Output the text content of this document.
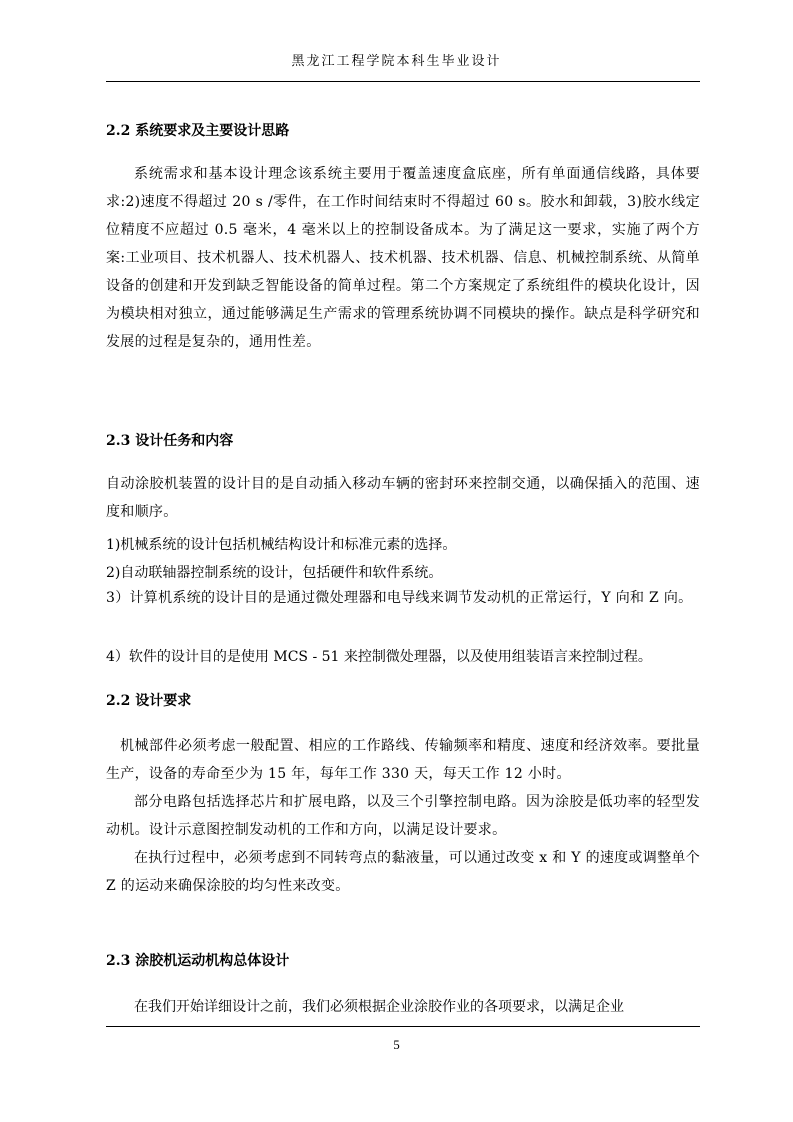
黑龙江工程学院本科生毕业设计
2.2 系统要求及主要设计思路
系统需求和基本设计理念该系统主要用于覆盖速度盒底座，所有单面通信线路，具体要求:2)速度不得超过 20 s /零件，在工作时间结束时不得超过 60 s。胶水和卸载，3)胶水线定位精度不应超过 0.5 毫米，4 毫米以上的控制设备成本。为了满足这一要求，实施了两个方案:工业项目、技术机器人、技术机器人、技术机器、技术机器、信息、机械控制系统、从简单设备的创建和开发到缺乏智能设备的简单过程。第二个方案规定了系统组件的模块化设计，因为模块相对独立，通过能够满足生产需求的管理系统协调不同模块的操作。缺点是科学研究和发展的过程是复杂的，通用性差。
2.3 设计任务和内容
自动涂胶机装置的设计目的是自动插入移动车辆的密封环来控制交通，以确保插入的范围、速度和顺序。
1)机械系统的设计包括机械结构设计和标准元素的选择。
2)自动联轴器控制系统的设计，包括硬件和软件系统。
3）计算机系统的设计目的是通过微处理器和电导线来调节发动机的正常运行，Y 向和 Z 向。
4）软件的设计目的是使用 MCS - 51 来控制微处理器，以及使用组装语言来控制过程。
2.2 设计要求
机械部件必须考虑一般配置、相应的工作路线、传输频率和精度、速度和经济效率。要批量生产，设备的寿命至少为 15 年，每年工作 330 天，每天工作 12 小时。
部分电路包括选择芯片和扩展电路，以及三个引擎控制电路。因为涂胶是低功率的轻型发动机。设计示意图控制发动机的工作和方向，以满足设计要求。
在执行过程中，必须考虑到不同转弯点的黏液量，可以通过改变 x 和 Y 的速度或调整单个 Z 的运动来确保涂胶的均匀性来改变。
2.3 涂胶机运动机构总体设计
在我们开始详细设计之前，我们必须根据企业涂胶作业的各项要求，以满足企业
5
